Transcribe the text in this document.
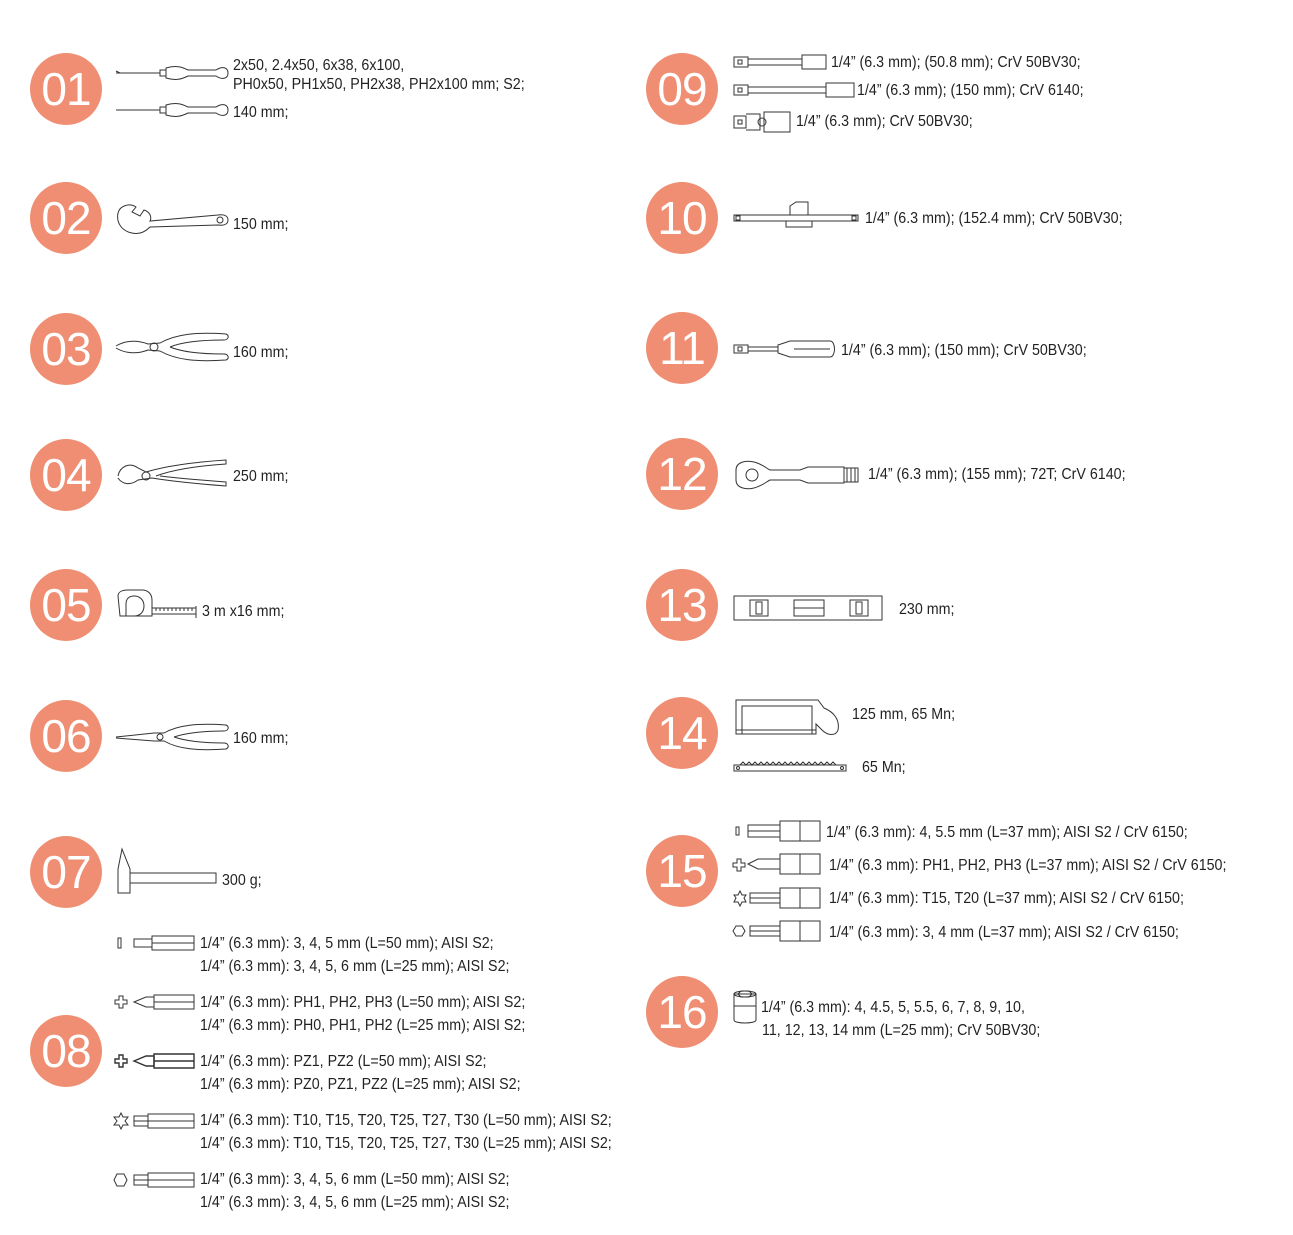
01	2x50, 2.4x50, 6x38, 6x100,
PH0x50, PH1x50, PH2x38, PH2x100 mm; S2;
140 mm;
02	150 mm;
03	160 mm;
04	250 mm;
05	3 m x16 mm;
06	160 mm;
07	300 g;
08
1/4” (6.3 mm): 3, 4, 5 mm (L=50 mm); AISI S2;
1/4” (6.3 mm): 3, 4, 5, 6 mm (L=25 mm); AISI S2;
1/4” (6.3 mm): PH1, PH2, PH3 (L=50 mm); AISI S2;
1/4” (6.3 mm): PH0, PH1, PH2 (L=25 mm); AISI S2;
1/4” (6.3 mm): PZ1, PZ2 (L=50 mm); AISI S2;
1/4” (6.3 mm): PZ0, PZ1, PZ2 (L=25 mm); AISI S2;
1/4” (6.3 mm): T10, T15, T20, T25, T27, T30 (L=50 mm); AISI S2;
1/4” (6.3 mm): T10, T15, T20, T25, T27, T30 (L=25 mm); AISI S2;
1/4” (6.3 mm): 3, 4, 5, 6 mm (L=50 mm); AISI S2;
1/4” (6.3 mm): 3, 4, 5, 6 mm (L=25 mm); AISI S2;
09
1/4” (6.3 mm); (50.8 mm); CrV 50BV30;
1/4” (6.3 mm); (150 mm); CrV 6140;
1/4” (6.3 mm); CrV 50BV30;
10	1/4” (6.3 mm); (152.4 mm); CrV 50BV30;
11	1/4” (6.3 mm); (150 mm); CrV 50BV30;
12	1/4” (6.3 mm); (155 mm); 72T; CrV 6140;
13	230 mm;
14	125 mm, 65 Mn;
65 Mn;
15
1/4” (6.3 mm): 4, 5.5 mm (L=37 mm); AISI S2 / CrV 6150;
1/4” (6.3 mm): PH1, PH2, PH3 (L=37 mm); AISI S2 / CrV 6150;
1/4” (6.3 mm): T15, T20 (L=37 mm); AISI S2 / CrV 6150;
1/4” (6.3 mm): 3, 4 mm (L=37 mm); AISI S2 / CrV 6150;
16	1/4” (6.3 mm): 4, 4.5, 5, 5.5, 6, 7, 8, 9, 10,
11, 12, 13, 14 mm (L=25 mm); CrV 50BV30;
